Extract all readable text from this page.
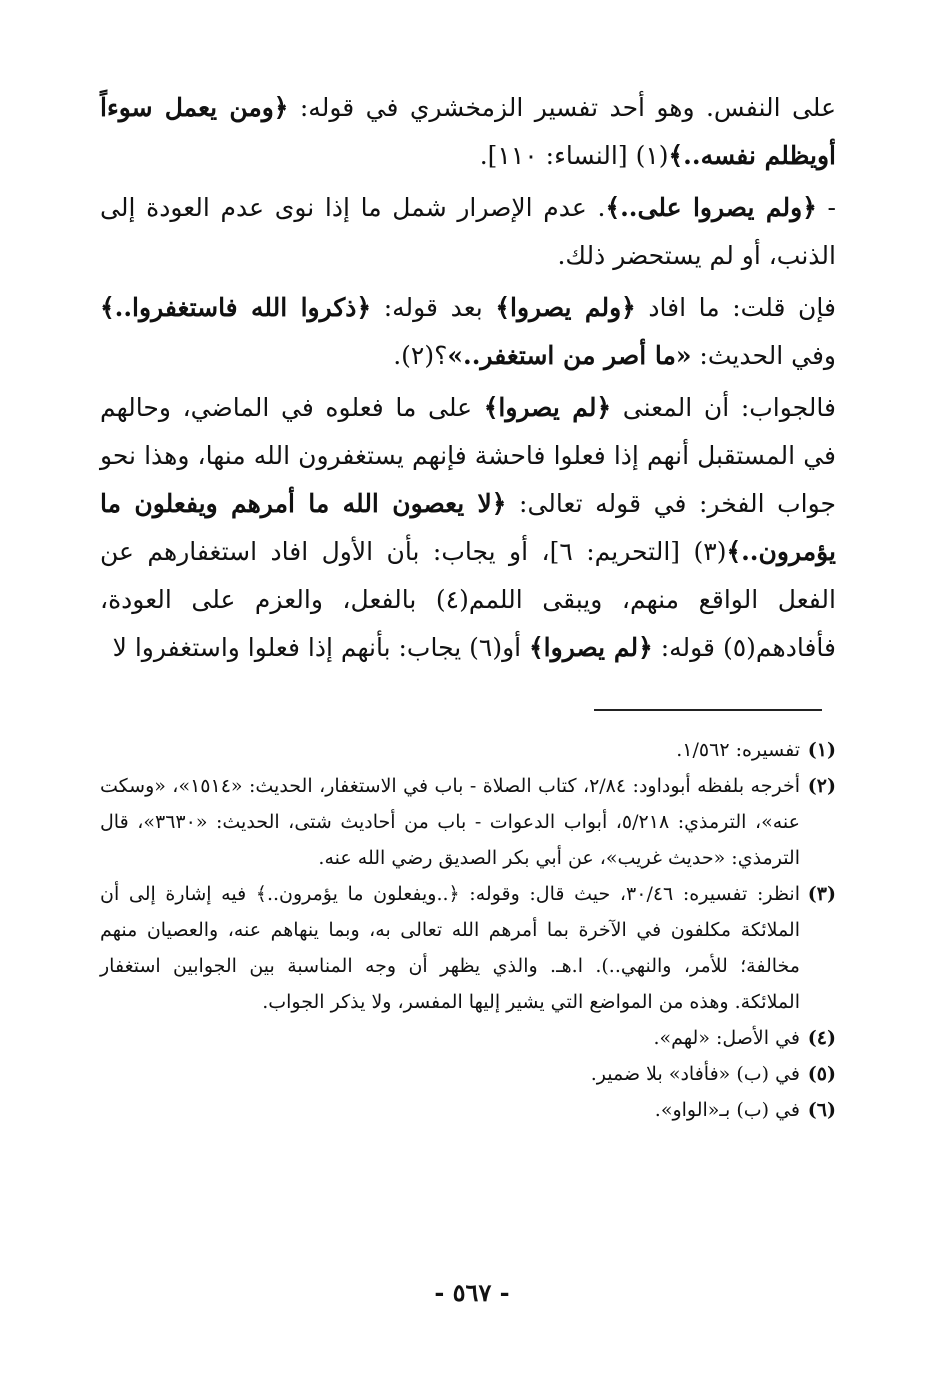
على النفس. وهو أحد تفسير الزمخشري في قوله: ﴿ومن يعمل سوءاً أويظلم نفسه..﴾(١) [النساء: ١١٠].

- ﴿ولم يصروا على..﴾. عدم الإصرار شمل ما إذا نوى عدم العودة إلى الذنب، أو لم يستحضر ذلك.

فإن قلت: ما افاد ﴿ولم يصروا﴾ بعد قوله: ﴿ذكروا الله فاستغفروا..﴾ وفي الحديث: «ما أصر من استغفر..»؟(٢).

فالجواب: أن المعنى ﴿لم يصروا﴾ على ما فعلوه في الماضي، وحالهم في المستقبل أنهم إذا فعلوا فاحشة فإنهم يستغفرون الله منها، وهذا نحو جواب الفخر: في قوله تعالى: ﴿لا يعصون الله ما أمرهم ويفعلون ما يؤمرون..﴾(٣) [التحريم: ٦]، أو يجاب: بأن الأول افاد استغفارهم عن الفعل الواقع منهم، ويبقى اللمم(٤) بالفعل، والعزم على العودة، فأفادهم(٥) قوله: ﴿لم يصروا﴾ أو(٦) يجاب: بأنهم إذا فعلوا واستغفروا لا

(١)
تفسيره: ١/٥٦٢.
(٢)
أخرجه بلفظه أبوداود: ٢/٨٤، كتاب الصلاة - باب في الاستغفار، الحديث: «١٥١٤»، «وسكت عنه»، الترمذي: ٥/٢١٨، أبواب الدعوات - باب من أحاديث شتى، الحديث: «٣٦٣٠»، قال الترمذي: «حديث غريب»، عن أبي بكر الصديق رضي الله عنه.
(٣)
انظر: تفسيره: ٣٠/٤٦، حيث قال: وقوله: ﴿..ويفعلون ما يؤمرون..﴾ فيه إشارة إلى أن الملائكة مكلفون في الآخرة بما أمرهم الله تعالى به، وبما ينهاهم عنه، والعصيان منهم مخالفة؛ للأمر، والنهي..). ا.هـ. والذي يظهر أن وجه المناسبة بين الجوابين استغفار الملائكة. وهذه من المواضع التي يشير إليها المفسر، ولا يذكر الجواب.
(٤)
في الأصل: «لهم».
(٥)
في (ب) «فأفاد» بلا ضمير.
(٦)
في (ب) بـ«الواو».
- ٥٦٧ -
